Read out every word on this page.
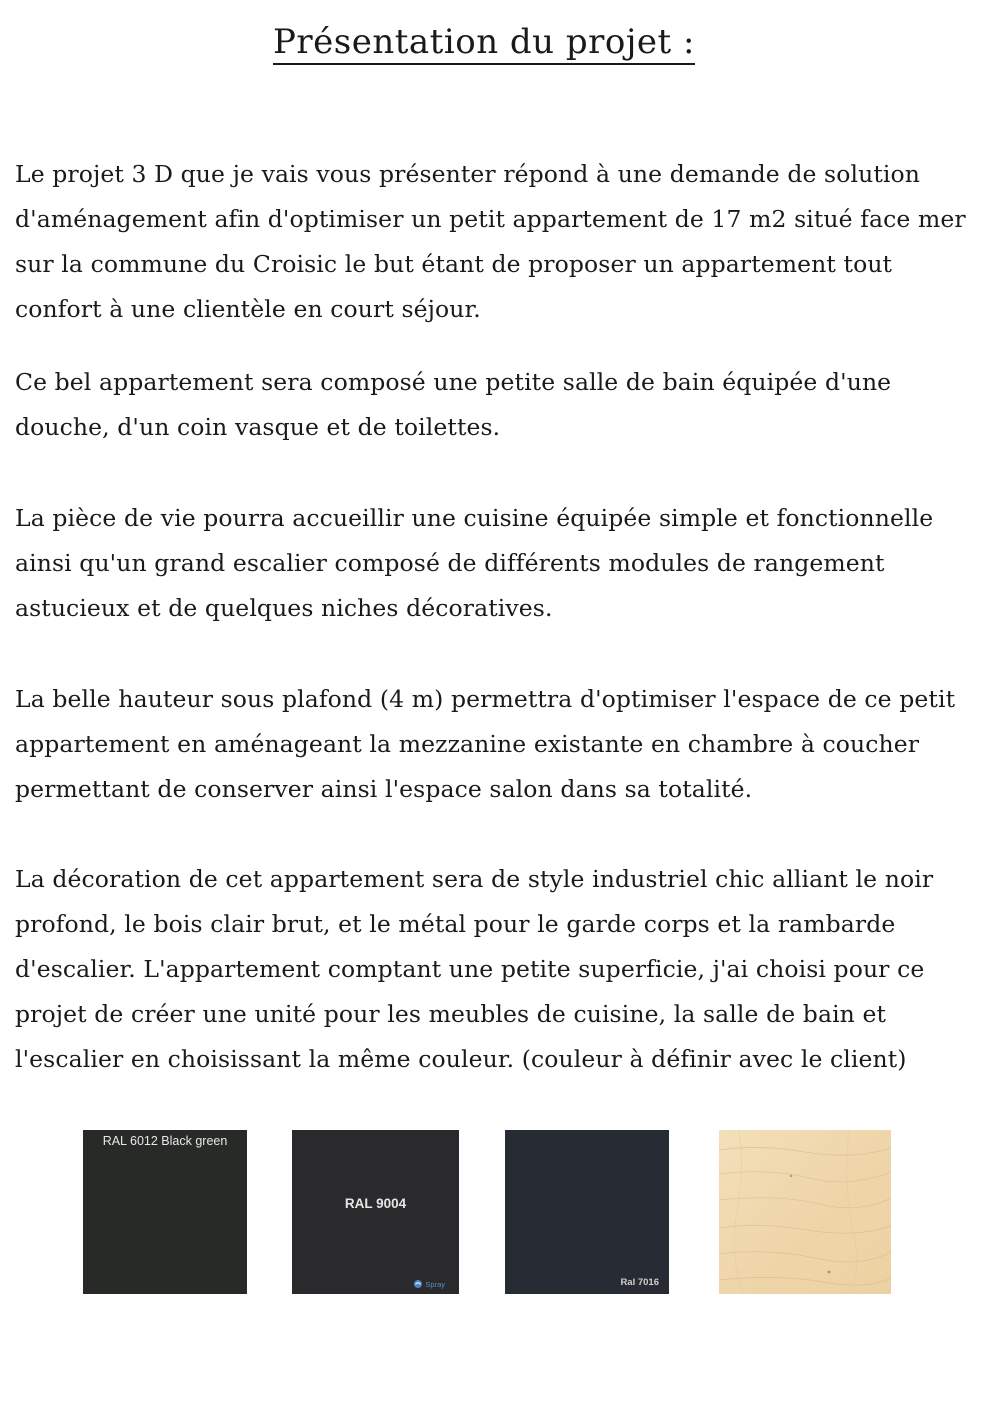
Présentation du projet :

Le projet 3 D que je vais vous présenter répond à une demande de solution
d'aménagement afin d'optimiser un petit appartement de 17 m2 situé face mer
sur la commune du Croisic le but étant de proposer un appartement tout
confort à une clientèle en court séjour.

Ce bel appartement sera composé une petite salle de bain équipée d'une
douche, d'un coin vasque et de toilettes.

La pièce de vie pourra accueillir une cuisine équipée simple et fonctionnelle
ainsi qu'un grand escalier composé de différents modules de rangement
astucieux et de quelques niches décoratives.

La belle hauteur sous plafond (4 m) permettra d'optimiser l'espace de ce petit
appartement en aménageant la mezzanine existante en chambre à coucher
permettant de conserver ainsi l'espace salon dans sa totalité.

La décoration de cet appartement sera de style industriel chic alliant le noir
profond, le bois clair brut, et le métal pour le garde corps et la rambarde
d'escalier. L'appartement comptant une petite superficie, j'ai choisi pour ce
projet de créer une unité pour les meubles de cuisine, la salle de bain et
l'escalier en choisissant la même couleur. (couleur à définir avec le client)

RAL 6012 Black green
RAL 9004
Spray	Ral 7016
